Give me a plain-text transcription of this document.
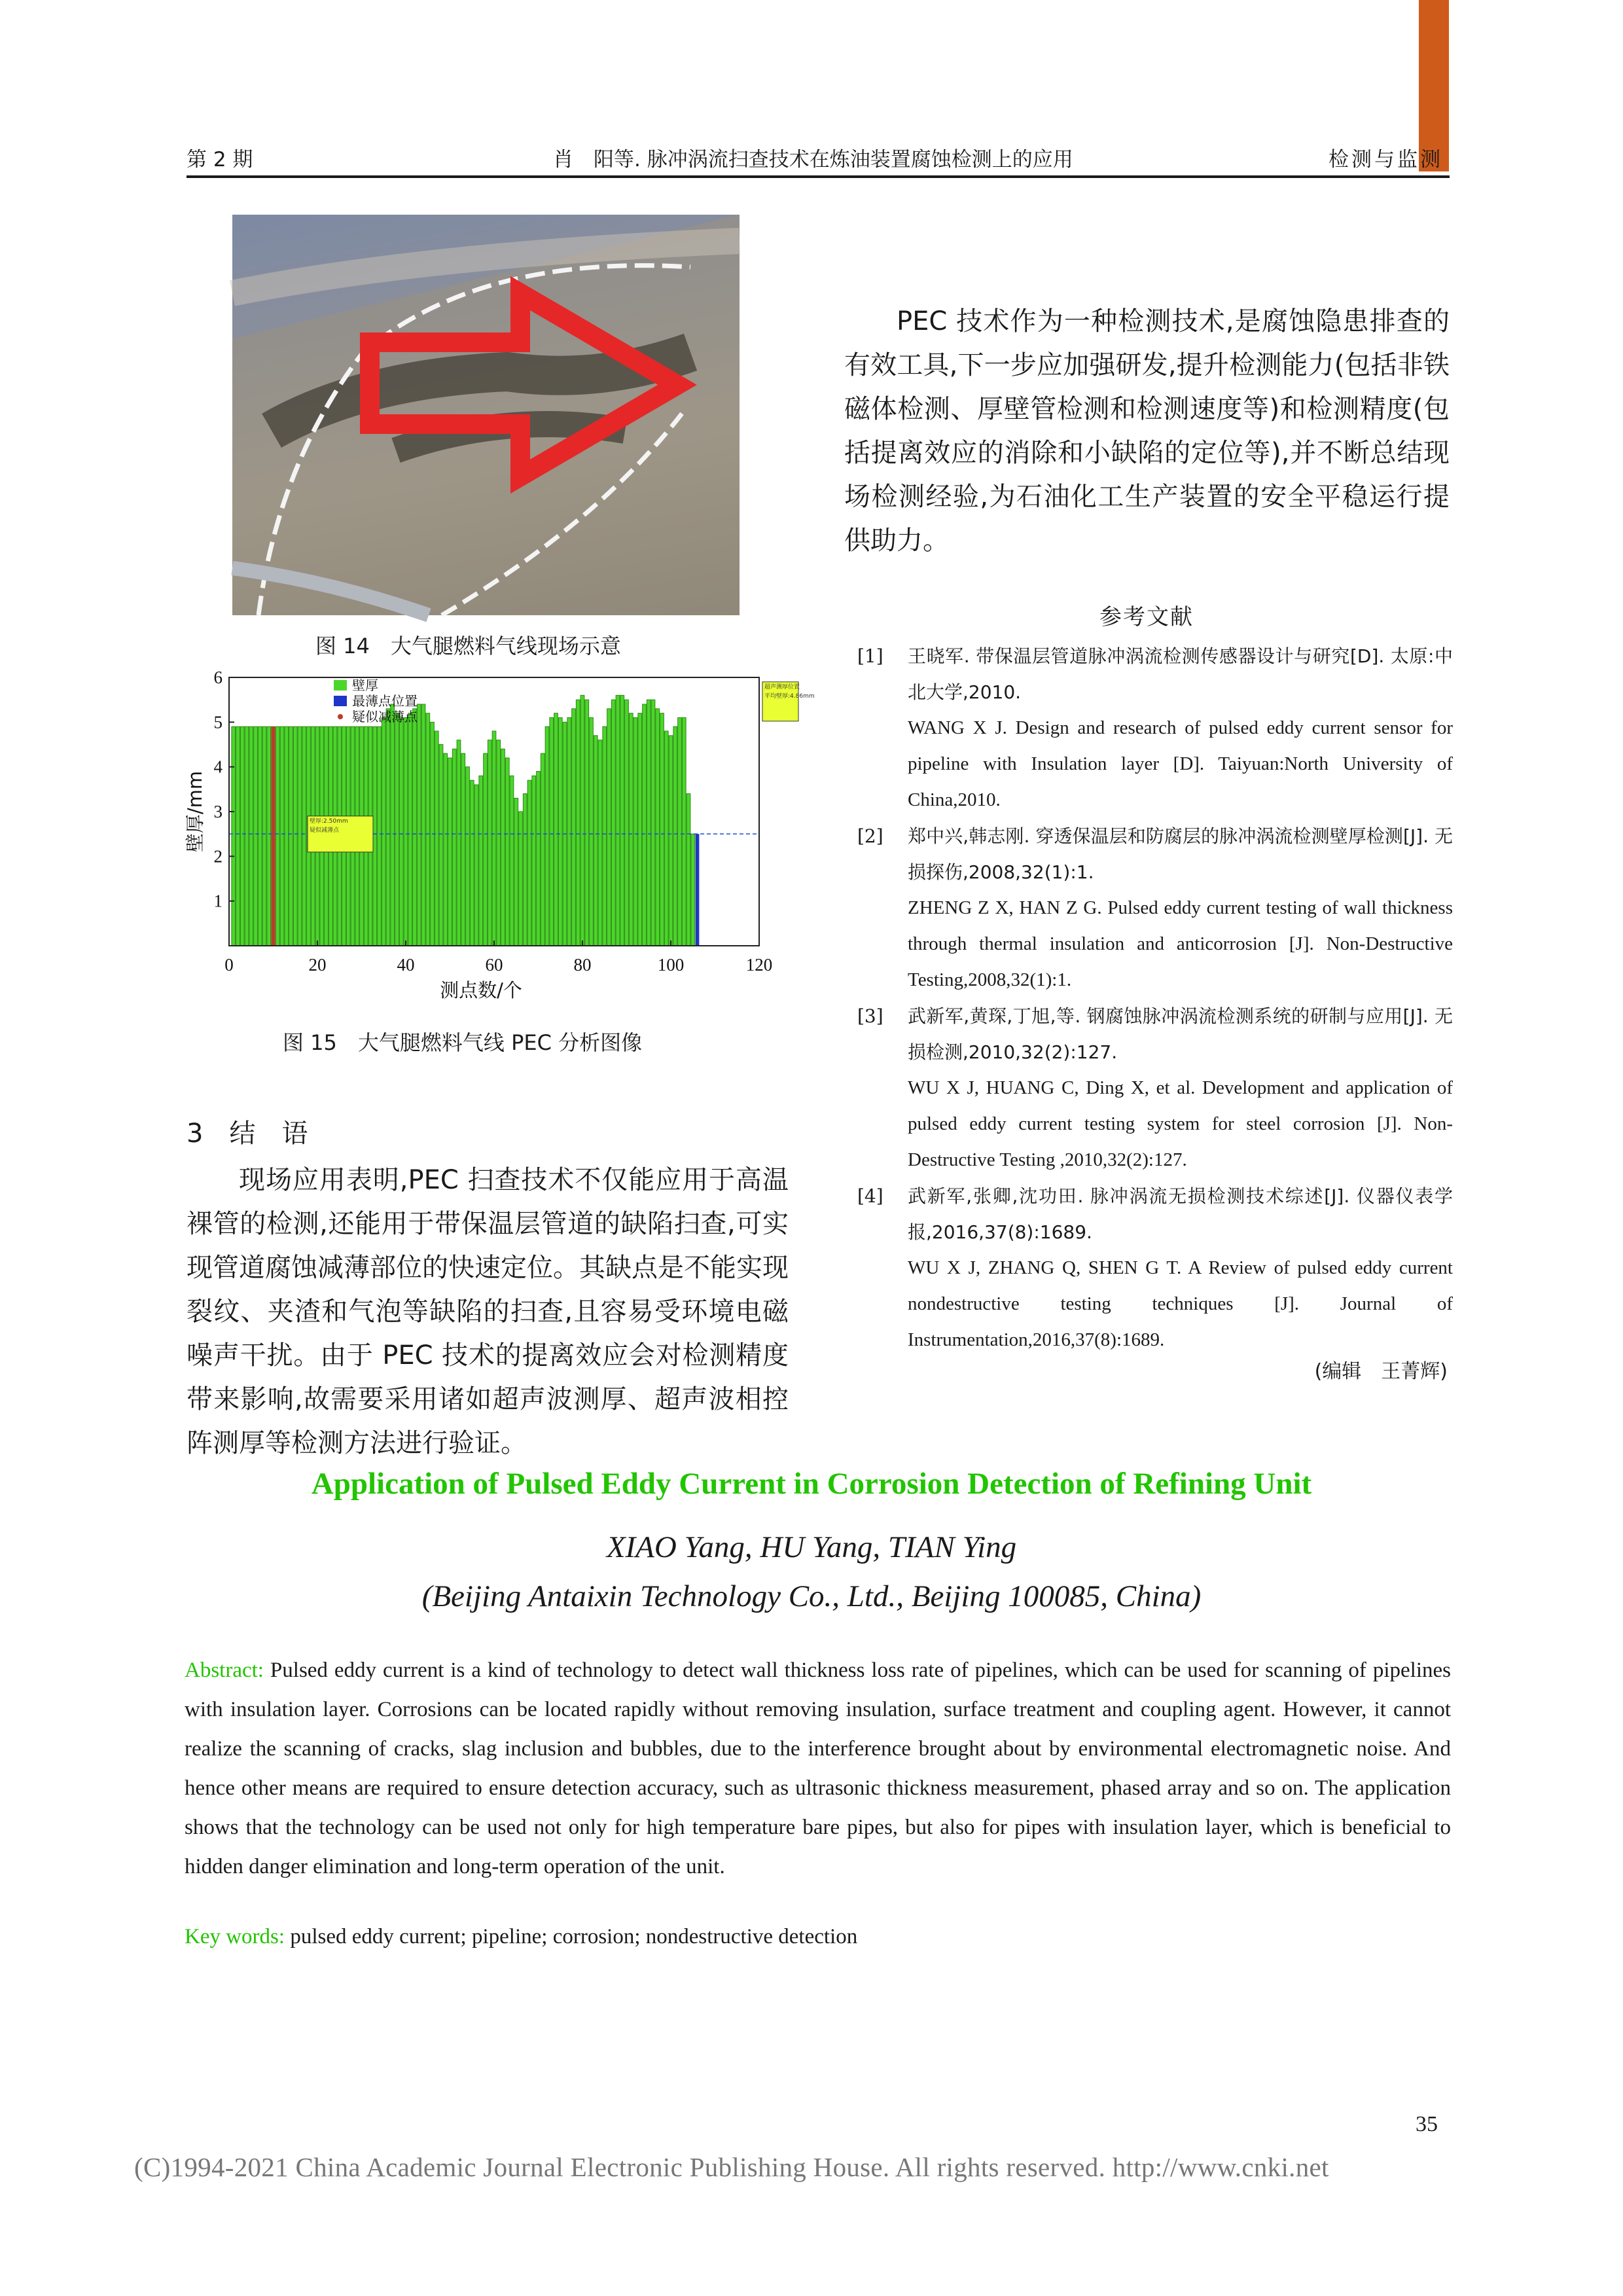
第 2 期	肖　阳等. 脉冲涡流扫查技术在炼油装置腐蚀检测上的应用	检测与监测
图 14　大气腿燃料气线现场示意
超声测厚位置
平均壁厚:4.86mm
壁厚:2.50mm
疑似减薄点
壁厚
最薄点位置
疑似减薄点
1
2
3
4
5
6
0	20	40	60	80	100	120
测点数/个
壁厚/mm
图 15　大气腿燃料气线 PEC 分析图像
3　结　语

现场应用表明,PEC 扫查技术不仅能应用于高温裸管的检测,还能用于带保温层管道的缺陷扫查,可实现管道腐蚀减薄部位的快速定位。其缺点是不能实现裂纹、夹渣和气泡等缺陷的扫查,且容易受环境电磁噪声干扰。由于 PEC 技术的提离效应会对检测精度带来影响,故需要采用诸如超声波测厚、超声波相控阵测厚等检测方法进行验证。

PEC 技术作为一种检测技术,是腐蚀隐患排查的有效工具,下一步应加强研发,提升检测能力(包括非铁磁体检测、厚壁管检测和检测速度等)和检测精度(包括提离效应的消除和小缺陷的定位等),并不断总结现场检测经验,为石油化工生产装置的安全平稳运行提供助力。

参考文献
[1] 王晓军. 带保温层管道脉冲涡流检测传感器设计与研究[D]. 太原:中北大学,2010.
WANG X J. Design and research of pulsed eddy current sensor for pipeline with Insulation layer [D]. Taiyuan:North University of China,2010.
[2] 郑中兴,韩志刚. 穿透保温层和防腐层的脉冲涡流检测壁厚检测[J]. 无损探伤,2008,32(1):1.
ZHENG Z X, HAN Z G. Pulsed eddy current testing of wall thickness through thermal insulation and anticorrosion [J]. Non-Destructive Testing,2008,32(1):1.
[3] 武新军,黄琛,丁旭,等. 钢腐蚀脉冲涡流检测系统的研制与应用[J]. 无损检测,2010,32(2):127.
WU X J, HUANG C, Ding X, et al. Development and application of pulsed eddy current testing system for steel corrosion [J]. Non-Destructive Testing ,2010,32(2):127.
[4] 武新军,张卿,沈功田. 脉冲涡流无损检测技术综述[J]. 仪器仪表学报,2016,37(8):1689.
WU X J, ZHANG Q, SHEN G T. A Review of pulsed eddy current nondestructive testing techniques [J]. Journal of Instrumentation,2016,37(8):1689.
(编辑　王菁辉)
Application of Pulsed Eddy Current in Corrosion Detection of Refining Unit
XIAO Yang, HU Yang, TIAN Ying
(Beijing Antaixin Technology Co., Ltd., Beijing 100085, China)

Abstract: Pulsed eddy current is a kind of technology to detect wall thickness loss rate of pipelines, which can be used for scanning of pipelines with insulation layer. Corrosions can be located rapidly without removing insulation, surface treatment and coupling agent. However, it cannot realize the scanning of cracks, slag inclusion and bubbles, due to the interference brought about by environmental electromagnetic noise. And hence other means are required to ensure detection accuracy, such as ultrasonic thickness measurement, phased array and so on. The application shows that the technology can be used not only for high temperature bare pipes, but also for pipes with insulation layer, which is beneficial to hidden danger elimination and long-term operation of the unit.

Key words: pulsed eddy current; pipeline; corrosion; nondestructive detection
35
(C)1994-2021 China Academic Journal Electronic Publishing House. All rights reserved. http://www.cnki.net
